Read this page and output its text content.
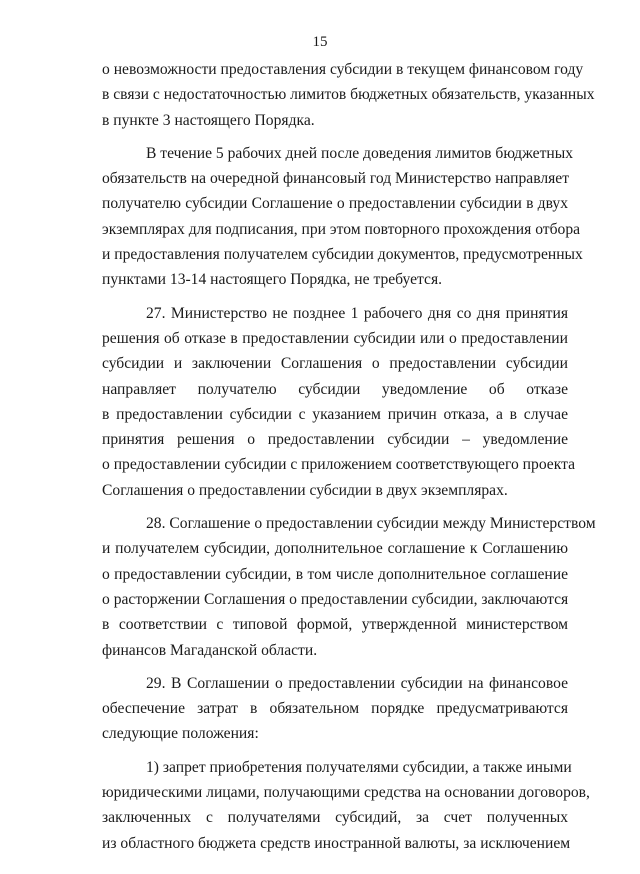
15
о невозможности предоставления субсидии в текущем финансовом году
в связи с недостаточностью лимитов бюджетных обязательств, указанных
в пункте 3 настоящего Порядка.
В течение 5 рабочих дней после доведения лимитов бюджетных
обязательств на очередной финансовый год Министерство направляет
получателю субсидии Соглашение о предоставлении субсидии в двух
экземплярах для подписания, при этом повторного прохождения отбора
и предоставления получателем субсидии документов, предусмотренных
пунктами 13-14 настоящего Порядка, не требуется.
27. Министерство не позднее 1 рабочего дня со дня принятия
решения об отказе в предоставлении субсидии или о предоставлении
субсидии и заключении Соглашения о предоставлении субсидии
направляет получателю субсидии уведомление об отказе
в предоставлении субсидии с указанием причин отказа, а в случае
принятия решения о предоставлении субсидии – уведомление
о предоставлении субсидии с приложением соответствующего проекта
Соглашения о предоставлении субсидии в двух экземплярах.
28. Соглашение о предоставлении субсидии между Министерством
и получателем субсидии, дополнительное соглашение к Соглашению
о предоставлении субсидии, в том числе дополнительное соглашение
о расторжении Соглашения о предоставлении субсидии, заключаются
в соответствии с типовой формой, утвержденной министерством
финансов Магаданской области.
29. В Соглашении о предоставлении субсидии на финансовое
обеспечение затрат в обязательном порядке предусматриваются
следующие положения:
1) запрет приобретения получателями субсидии, а также иными
юридическими лицами, получающими средства на основании договоров,
заключенных с получателями субсидий, за счет полученных
из областного бюджета средств иностранной валюты, за исключением
